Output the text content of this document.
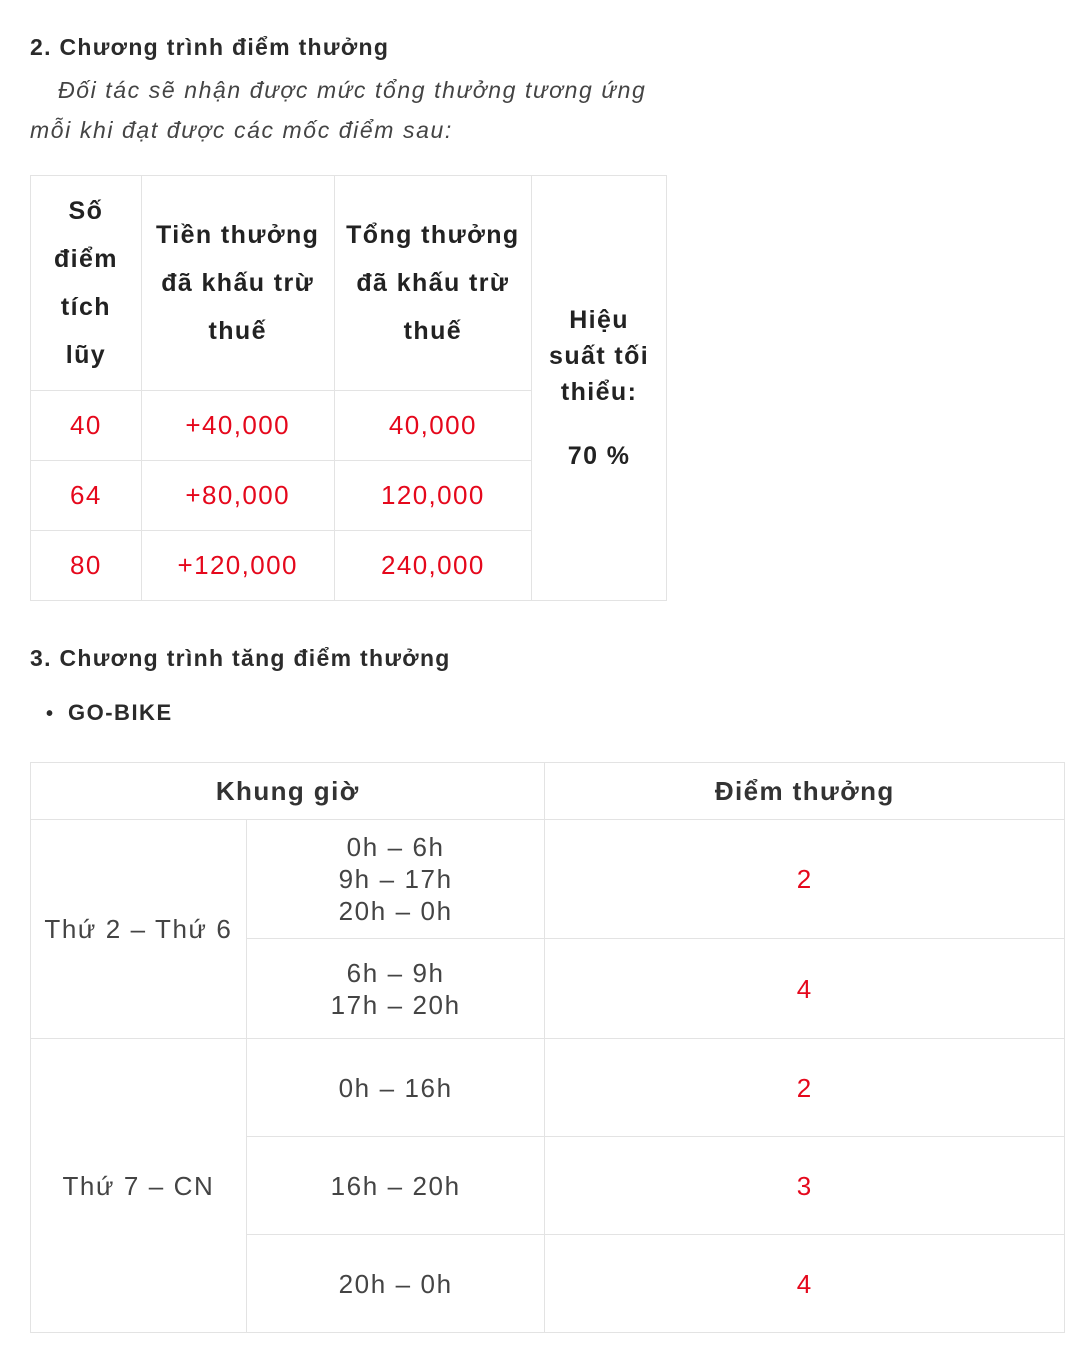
2. Chương trình điểm thưởng

Đối tác sẽ nhận được mức tổng thưởng tương ứng mỗi khi đạt được các mốc điểm sau:

Số
điểm
tích
lũy	Tiền thưởng
đã khấu trừ
thuế	Tổng thưởng
đã khấu trừ
thuế	Hiệu
suất tối
thiểu:
70 %

40	+40,000	40,000	
64	+80,000	120,000	
80	+120,000	240,000	
3. Chương trình tăng điểm thưởng

• GO-BIKE

Khung giờ		Điểm thưởng
Thứ 2 – Thứ 6	0h – 6h
9h – 17h
20h – 0h	2

	6h – 9h
17h – 20h	4
Thứ 7 – CN	0h – 16h	2

	16h – 20h	3

	20h – 0h	4
